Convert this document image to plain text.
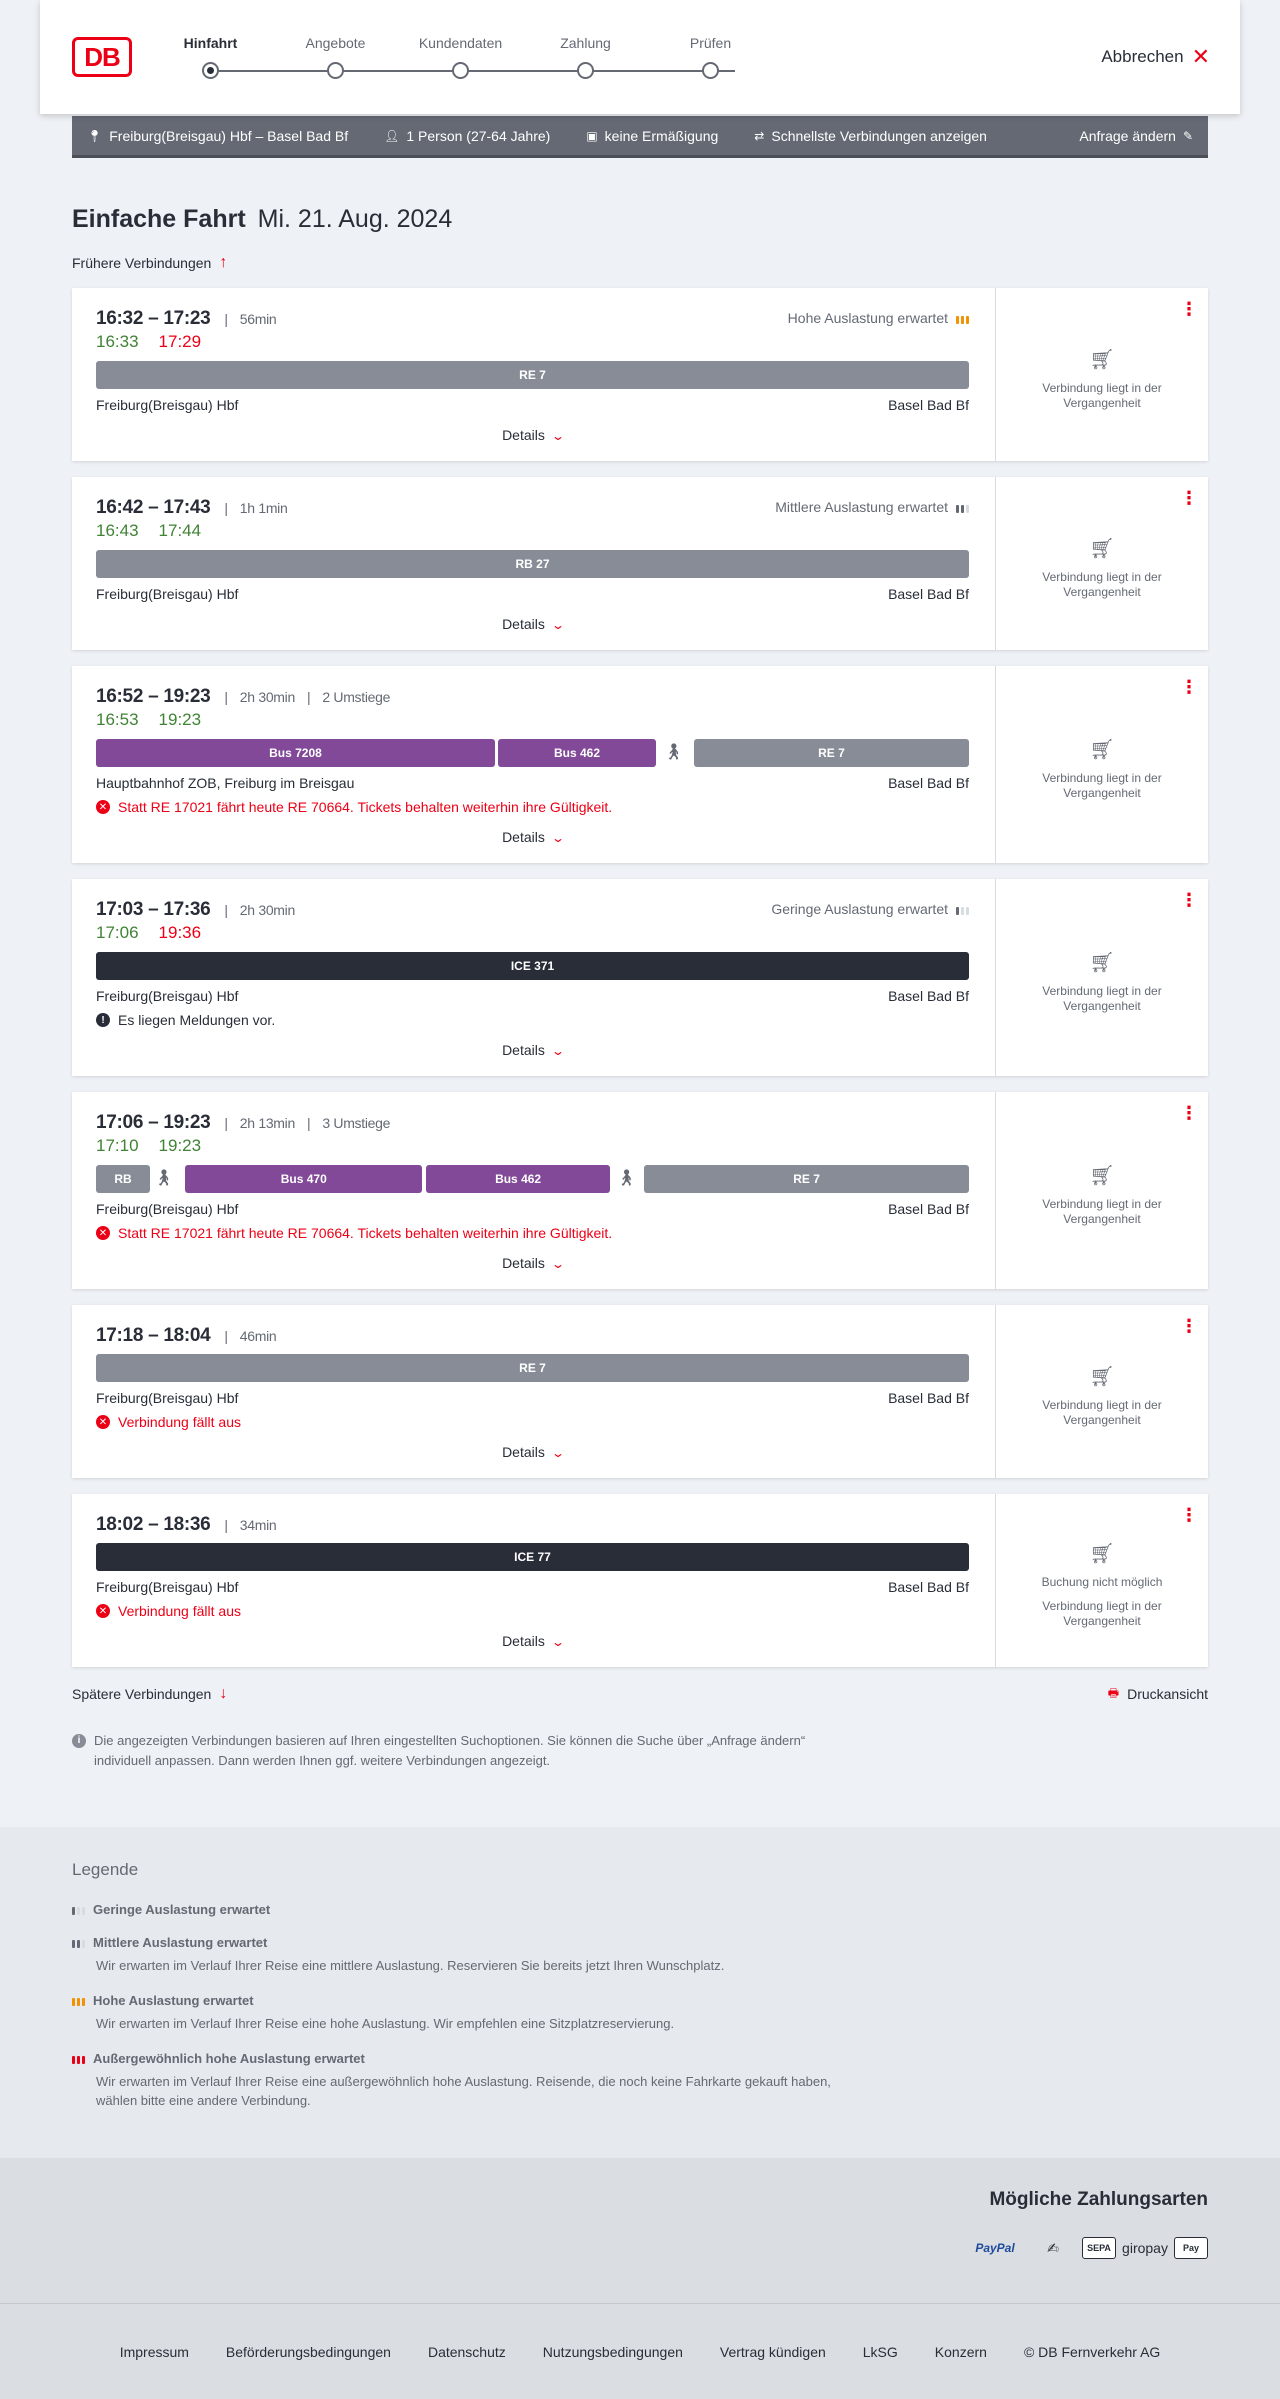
DB	Hinfahrt	Angebote	Kundendaten	Zahlung	Prüfen
Abbrechen ✕
📍︎ Freiburg(Breisgau) Hbf – Basel Bad Bf	👤︎ 1 Person (27-64 Jahre)	▣ keine Ermäßigung	⇄ Schnellste Verbindungen anzeigen	Anfrage ändern ✎
Einfache Fahrt Mi. 21. Aug. 2024
Frühere Verbindungen ↑
16:32 – 17:23 | 56min
16:33 17:29
Hohe Auslastung erwartet
RE 7
Freiburg(Breisgau) Hbf	Basel Bad Bf
Details ⌄
⋮
🛒︎
Verbindung liegt in der Vergangenheit
16:42 – 17:43 | 1h 1min
16:43 17:44
Mittlere Auslastung erwartet
RB 27
Freiburg(Breisgau) Hbf	Basel Bad Bf
Details ⌄
⋮
🛒︎
Verbindung liegt in der Vergangenheit
16:52 – 19:23 | 2h 30min | 2 Umstiege
16:53 19:23
Bus 7208	Bus 462	🚶︎	RE 7
Hauptbahnhof ZOB, Freiburg im Breisgau	Basel Bad Bf
✕ Statt RE 17021 fährt heute RE 70664. Tickets behalten weiterhin ihre Gültigkeit.
Details ⌄
⋮
🛒︎
Verbindung liegt in der Vergangenheit
17:03 – 17:36 | 2h 30min
17:06 19:36
Geringe Auslastung erwartet
ICE 371
Freiburg(Breisgau) Hbf	Basel Bad Bf
! Es liegen Meldungen vor.
Details ⌄
⋮
🛒︎
Verbindung liegt in der Vergangenheit
17:06 – 19:23 | 2h 13min | 3 Umstiege
17:10 19:23
RB	🚶︎	Bus 470	Bus 462	🚶︎	RE 7
Freiburg(Breisgau) Hbf	Basel Bad Bf
✕ Statt RE 17021 fährt heute RE 70664. Tickets behalten weiterhin ihre Gültigkeit.
Details ⌄
⋮
🛒︎
Verbindung liegt in der Vergangenheit
17:18 – 18:04 | 46min
RE 7
Freiburg(Breisgau) Hbf	Basel Bad Bf
✕ Verbindung fällt aus
Details ⌄
⋮
🛒︎
Verbindung liegt in der Vergangenheit
18:02 – 18:36 | 34min
ICE 77
Freiburg(Breisgau) Hbf	Basel Bad Bf
✕ Verbindung fällt aus
Details ⌄
⋮
🛒︎
Buchung nicht möglich
Verbindung liegt in der Vergangenheit
Spätere Verbindungen ↓	🖶 Druckansicht
i	Die angezeigten Verbindungen basieren auf Ihren eingestellten Suchoptionen. Sie können die Suche über „Anfrage ändern“ individuell anpassen. Dann werden Ihnen ggf. weitere Verbindungen angezeigt.
Legende
Geringe Auslastung erwartet
Mittlere Auslastung erwartet
Wir erwarten im Verlauf Ihrer Reise eine mittlere Auslastung. Reservieren Sie bereits jetzt Ihren Wunschplatz.
Hohe Auslastung erwartet
Wir erwarten im Verlauf Ihrer Reise eine hohe Auslastung. Wir empfehlen eine Sitzplatzreservierung.
Außergewöhnlich hohe Auslastung erwartet
Wir erwarten im Verlauf Ihrer Reise eine außergewöhnlich hohe Auslastung. Reisende, die noch keine Fahrkarte gekauft haben, wählen bitte eine andere Verbindung.
Mögliche Zahlungsarten
PayPal	✍	SEPA giropay	Pay
Impressum	Beförderungsbedingungen	Datenschutz	Nutzungsbedingungen	Vertrag kündigen	LkSG	Konzern	© DB Fernverkehr AG
